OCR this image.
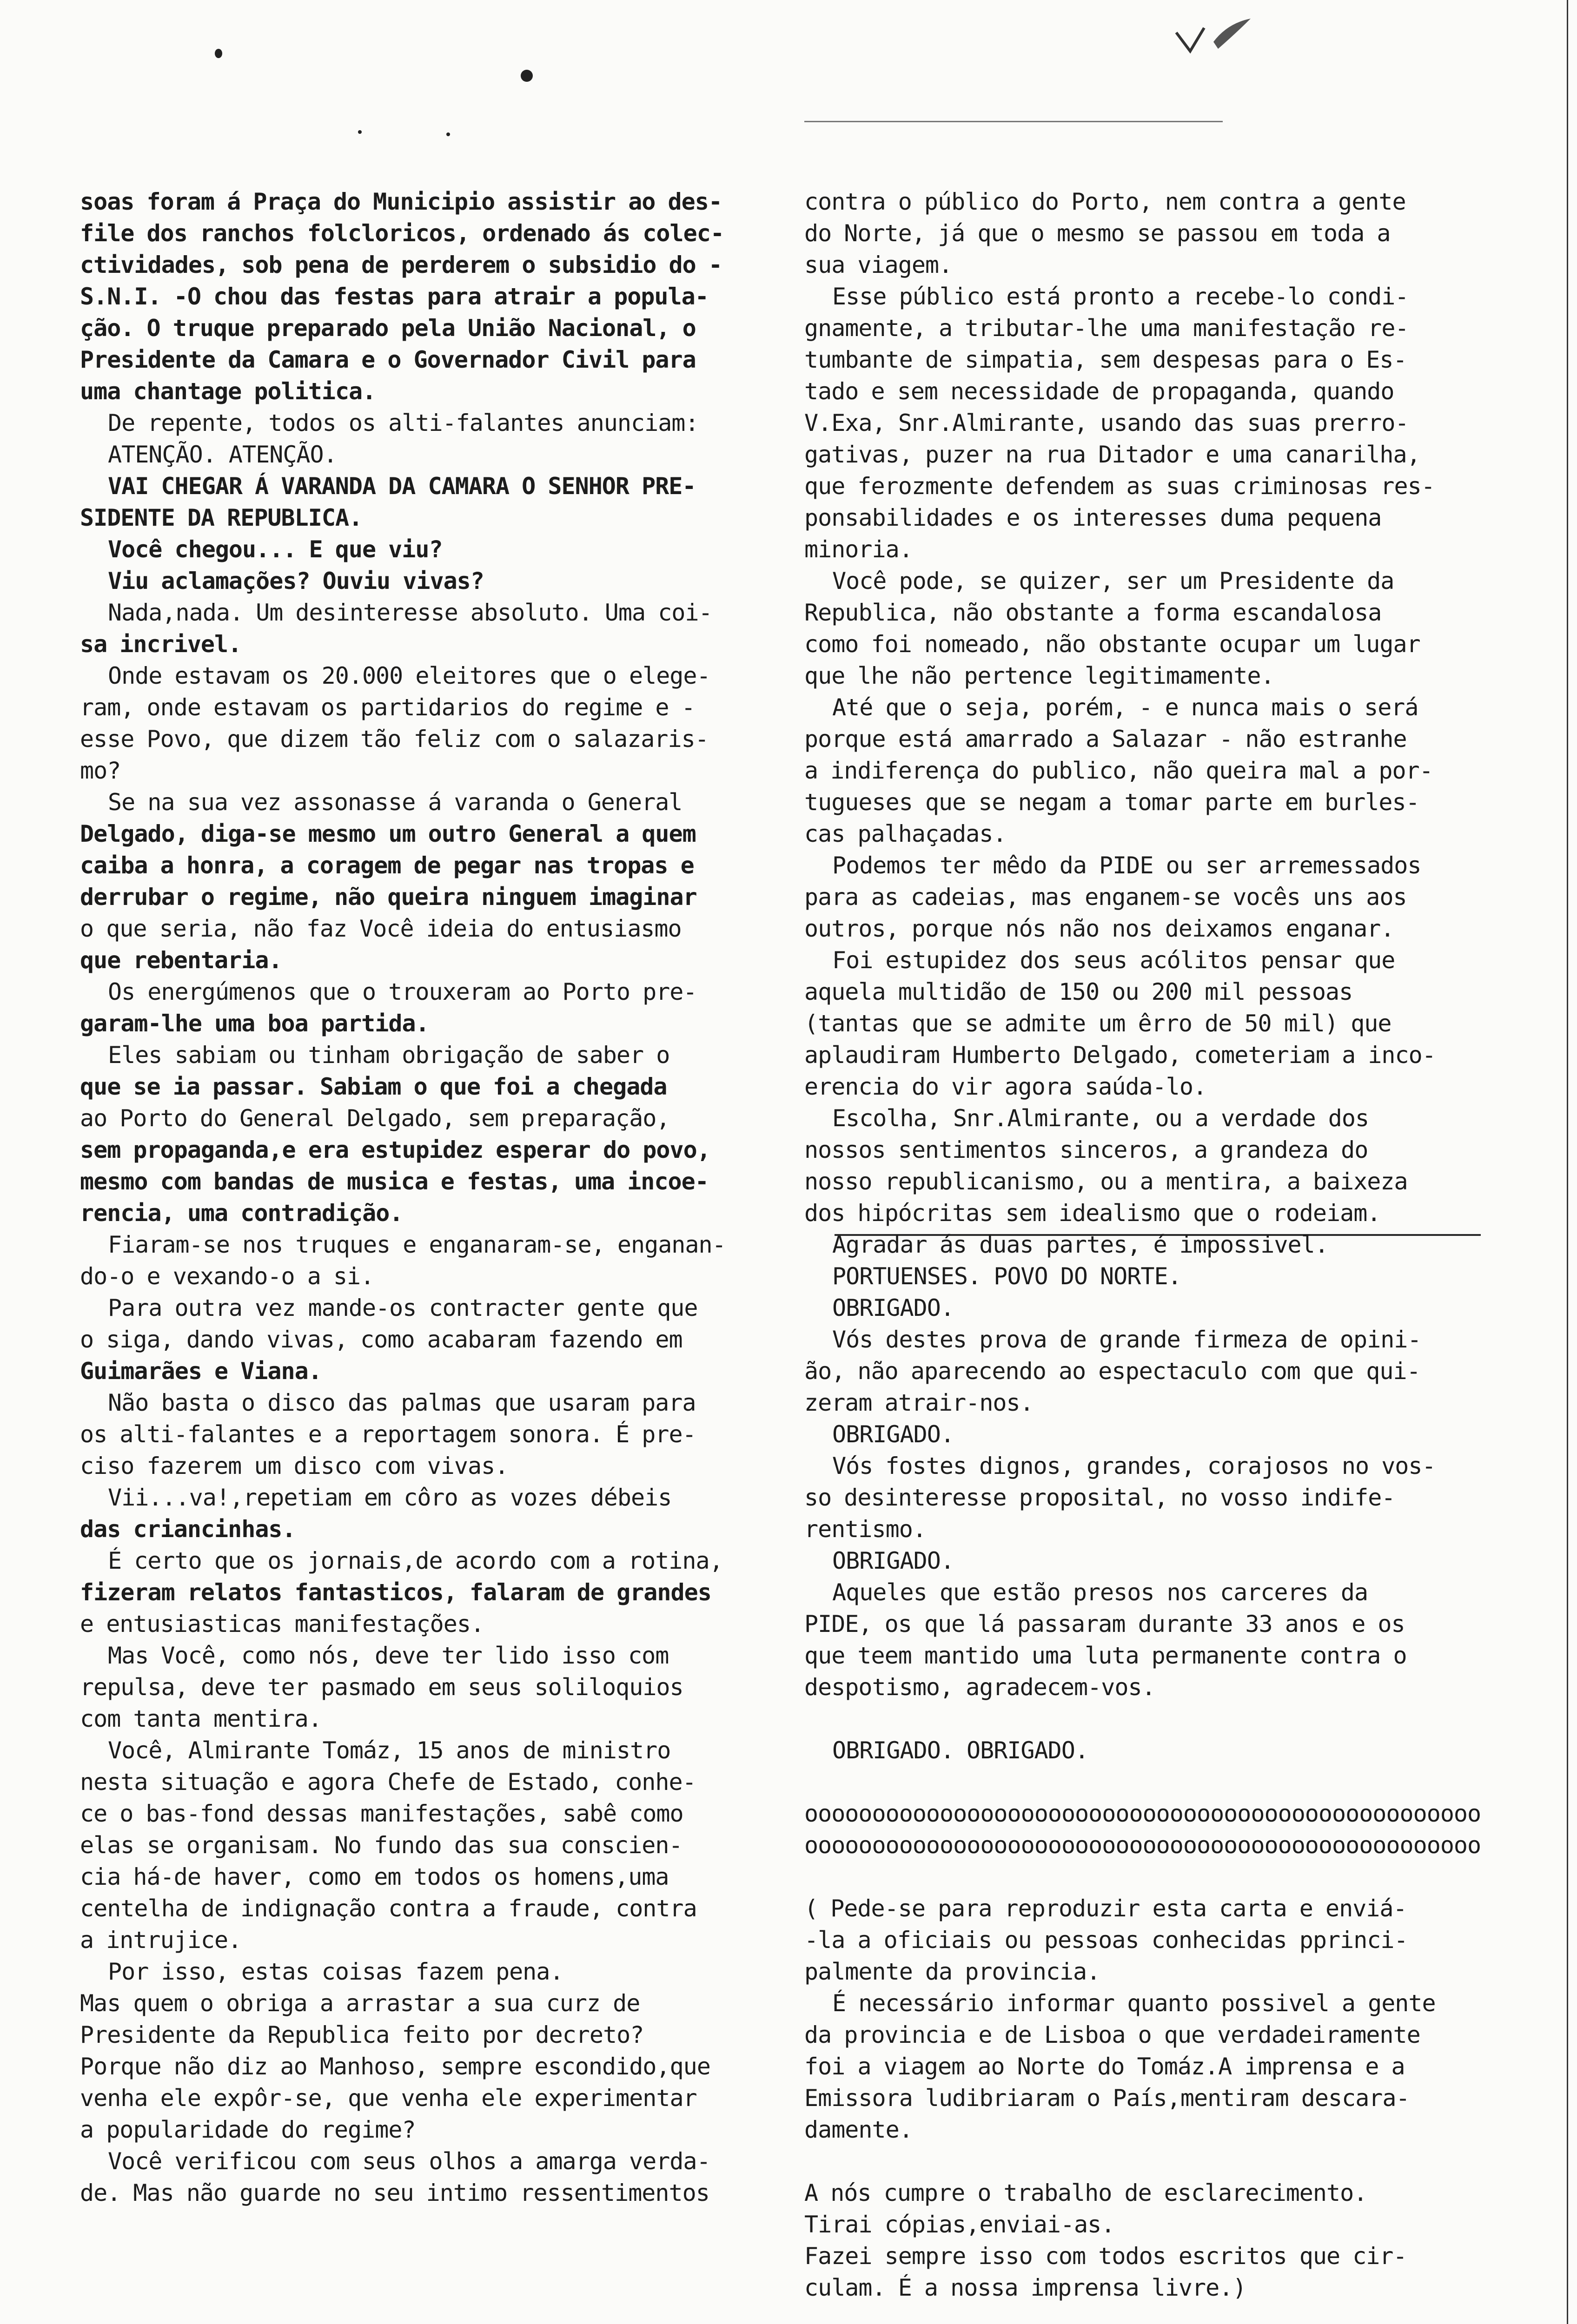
soas foram á Praça do Municipio assistir ao des-
file dos ranchos folcloricos, ordenado ás colec-
ctividades, sob pena de perderem o subsidio do -
S.N.I. -O chou das festas para atrair a popula-
ção. O truque preparado pela União Nacional, o
Presidente da Camara e o Governador Civil para
uma chantage politica.
De repente, todos os alti-falantes anunciam:
ATENÇÃO. ATENÇÃO.
VAI CHEGAR Á VARANDA DA CAMARA O SENHOR PRE-
SIDENTE DA REPUBLICA.
Você chegou... E que viu?
Viu aclamações? Ouviu vivas?
Nada,nada. Um desinteresse absoluto. Uma coi-
sa incrivel.
Onde estavam os 20.000 eleitores que o elege-
ram, onde estavam os partidarios do regime e -
esse Povo, que dizem tão feliz com o salazaris-
mo?
Se na sua vez assonasse á varanda o General
Delgado, diga-se mesmo um outro General a quem
caiba a honra, a coragem de pegar nas tropas e
derrubar o regime, não queira ninguem imaginar
o que seria, não faz Você ideia do entusiasmo
que rebentaria.
Os energúmenos que o trouxeram ao Porto pre-
garam-lhe uma boa partida.
Eles sabiam ou tinham obrigação de saber o
que se ia passar. Sabiam o que foi a chegada
ao Porto do General Delgado, sem preparação,
sem propaganda,e era estupidez esperar do povo,
mesmo com bandas de musica e festas, uma incoe-
rencia, uma contradição.
Fiaram-se nos truques e enganaram-se, enganan-
do-o e vexando-o a si.
Para outra vez mande-os contracter gente que
o siga, dando vivas, como acabaram fazendo em
Guimarães e Viana.
Não basta o disco das palmas que usaram para
os alti-falantes e a reportagem sonora. É pre-
ciso fazerem um disco com vivas.
Vii...va!,repetiam em côro as vozes débeis
das criancinhas.
É certo que os jornais,de acordo com a rotina,
fizeram relatos fantasticos, falaram de grandes
e entusiasticas manifestações.
Mas Você, como nós, deve ter lido isso com
repulsa, deve ter pasmado em seus soliloquios
com tanta mentira.
Você, Almirante Tomáz, 15 anos de ministro
nesta situação e agora Chefe de Estado, conhe-
ce o bas-fond dessas manifestações, sabê como
elas se organisam. No fundo das sua conscien-
cia há-de haver, como em todos os homens,uma
centelha de indignação contra a fraude, contra
a intrujice.
Por isso, estas coisas fazem pena.
Mas quem o obriga a arrastar a sua curz de
Presidente da Republica feito por decreto?
Porque não diz ao Manhoso, sempre escondido,que
venha ele expôr-se, que venha ele experimentar
a popularidade do regime?
Você verificou com seus olhos a amarga verda-
de. Mas não guarde no seu intimo ressentimentos
contra o público do Porto, nem contra a gente
do Norte, já que o mesmo se passou em toda a
sua viagem.
Esse público está pronto a recebe-lo condi-
gnamente, a tributar-lhe uma manifestação re-
tumbante de simpatia, sem despesas para o Es-
tado e sem necessidade de propaganda, quando
V.Exa, Snr.Almirante, usando das suas prerro-
gativas, puzer na rua Ditador e uma canarilha,
que ferozmente defendem as suas criminosas res-
ponsabilidades e os interesses duma pequena
minoria.
Você pode, se quizer, ser um Presidente da
Republica, não obstante a forma escandalosa
como foi nomeado, não obstante ocupar um lugar
que lhe não pertence legitimamente.
Até que o seja, porém, - e nunca mais o será
porque está amarrado a Salazar - não estranhe
a indiferença do publico, não queira mal a por-
tugueses que se negam a tomar parte em burles-
cas palhaçadas.
Podemos ter mêdo da PIDE ou ser arremessados
para as cadeias, mas enganem-se vocês uns aos
outros, porque nós não nos deixamos enganar.
Foi estupidez dos seus acólitos pensar que
aquela multidão de 150 ou 200 mil pessoas
(tantas que se admite um êrro de 50 mil) que
aplaudiram Humberto Delgado, cometeriam a inco-
erencia do vir agora saúda-lo.
Escolha, Snr.Almirante, ou a verdade dos
nossos sentimentos sinceros, a grandeza do
nosso republicanismo, ou a mentira, a baixeza
dos hipócritas sem idealismo que o rodeiam.
Agradar ás duas partes, é impossivel.
PORTUENSES. POVO DO NORTE.
OBRIGADO.
Vós destes prova de grande firmeza de opini-
ão, não aparecendo ao espectaculo com que qui-
zeram atrair-nos.
OBRIGADO.
Vós fostes dignos, grandes, corajosos no vos-
so desinteresse proposital, no vosso indife-
rentismo.
OBRIGADO.
Aqueles que estão presos nos carceres da
PIDE, os que lá passaram durante 33 anos e os
que teem mantido uma luta permanente contra o
despotismo, agradecem-vos.
OBRIGADO. OBRIGADO.
oooooooooooooooooooooooooooooooooooooooooooooooooo
oooooooooooooooooooooooooooooooooooooooooooooooooo
( Pede-se para reproduzir esta carta e enviá-
-la a oficiais ou pessoas conhecidas pprinci-
palmente da provincia.
É necessário informar quanto possivel a gente
da provincia e de Lisboa o que verdadeiramente
foi a viagem ao Norte do Tomáz.A imprensa e a
Emissora ludibriaram o País,mentiram descara-
damente.
A nós cumpre o trabalho de esclarecimento.
Tirai cópias,enviai-as.
Fazei sempre isso com todos escritos que cir-
culam. É a nossa imprensa livre.)
